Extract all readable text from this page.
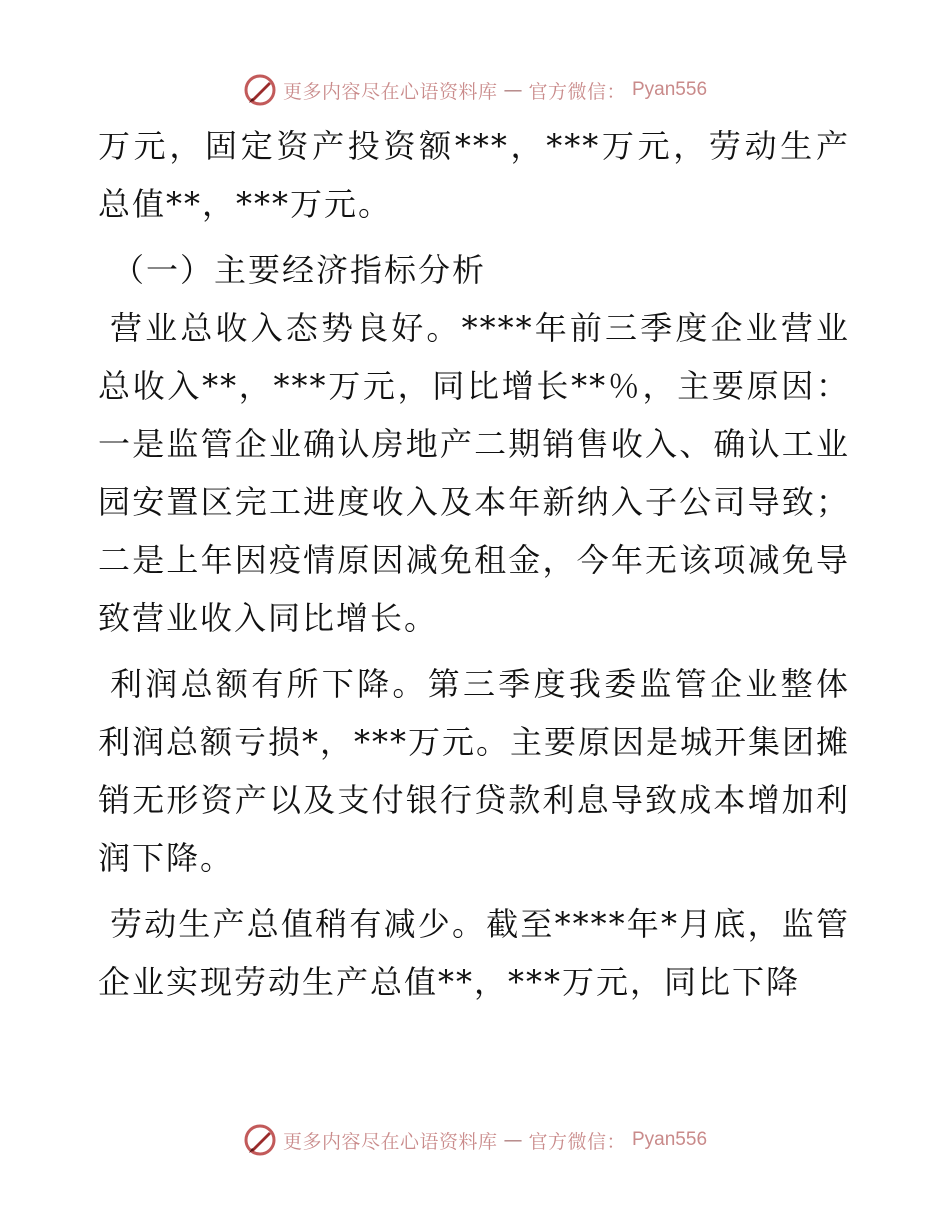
更多内容尽在心语资料库 — 官方微信： Pyan556

万元，固定资产投资额***，***万元，劳动生产总值**，***万元。

（一）主要经济指标分析

营业总收入态势良好。****年前三季度企业营业总收入**，***万元，同比增长**％，主要原因：一是监管企业确认房地产二期销售收入、确认工业园安置区完工进度收入及本年新纳入子公司导致；二是上年因疫情原因减免租金，今年无该项减免导致营业收入同比增长。

利润总额有所下降。第三季度我委监管企业整体利润总额亏损*，***万元。主要原因是城开集团摊销无形资产以及支付银行贷款利息导致成本增加利润下降。

劳动生产总值稍有减少。截至****年*月底，监管企业实现劳动生产总值**，***万元，同比下降

更多内容尽在心语资料库 — 官方微信： Pyan556
